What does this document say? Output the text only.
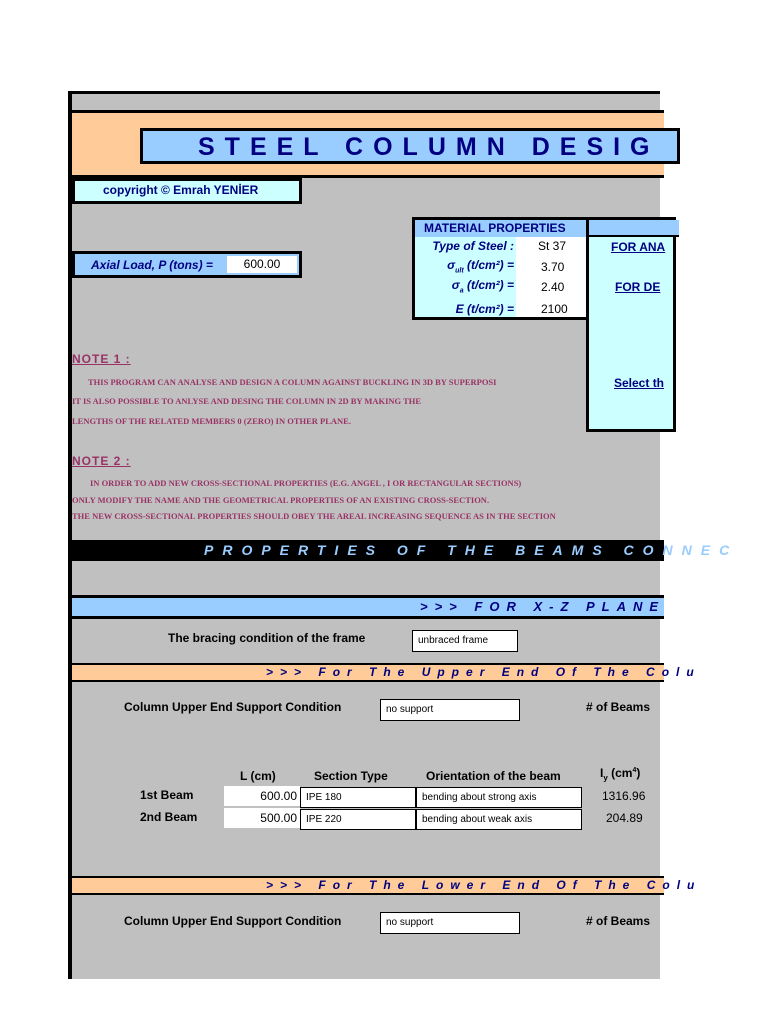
STEEL COLUMN DESIG
copyright © Emrah YENİER
Axial Load, P (tons) =	600.00
MATERIAL PROPERTIES
Type of Steel : St 37
$\sigma_{ult}$ (t/cm²) = 3.70
$\sigma_a$ (t/cm²) = 2.40
E (t/cm²) = 2100
FOR ANA
FOR DE
Select th
NOTE 1 :
THIS PROGRAM CAN ANALYSE AND DESIGN A COLUMN AGAINST BUCKLING IN 3D BY SUPERPOSI
IT IS ALSO POSSIBLE TO ANLYSE AND DESING THE COLUMN IN 2D BY MAKING THE
LENGTHS OF THE RELATED MEMBERS 0 (ZERO) IN OTHER PLANE.
NOTE 2 :
IN ORDER TO ADD NEW CROSS-SECTIONAL PROPERTIES (E.G. ANGEL , I OR RECTANGULAR SECTIONS)
ONLY MODIFY THE NAME AND THE GEOMETRICAL PROPERTIES OF AN EXISTING CROSS-SECTION.
THE NEW CROSS-SECTIONAL PROPERTIES SHOULD OBEY THE AREAL INCREASING SEQUENCE AS IN THE SECTION
PROPERTIES OF THE BEAMS CONNEC
>>> FOR X-Z PLANE
The bracing condition of the frame	unbraced frame
>>> For The Upper End Of The Colu
Column Upper End Support Condition	no support	# of Beams
L (cm)	Section Type	Orientation of the beam	$I_y$ $(cm^4)$
1st Beam	600.00 IPE 180	bending about strong axis	1316.96
2nd Beam	500.00 IPE 220	bending about weak axis	204.89
>>> For The Lower End Of The Colu
Column Upper End Support Condition	no support	# of Beams
